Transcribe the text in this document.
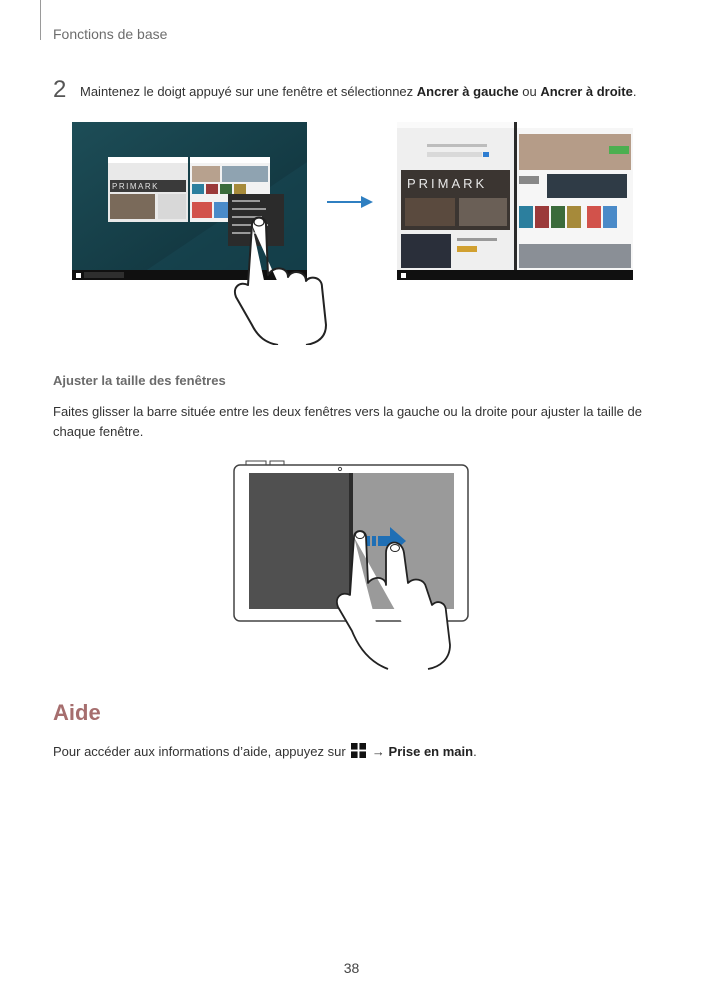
Fonctions de base
2 Maintenez le doigt appuyé sur une fenêtre et sélectionnez Ancrer à gauche ou Ancrer à droite.
PRIMARK	PRIMARK
Ajuster la taille des fenêtres
Faites glisser la barre située entre les deux fenêtres vers la gauche ou la droite pour ajuster la taille de chaque fenêtre.
Aide
Pour accéder aux informations d’aide, appuyez sur  → Prise en main.
38
